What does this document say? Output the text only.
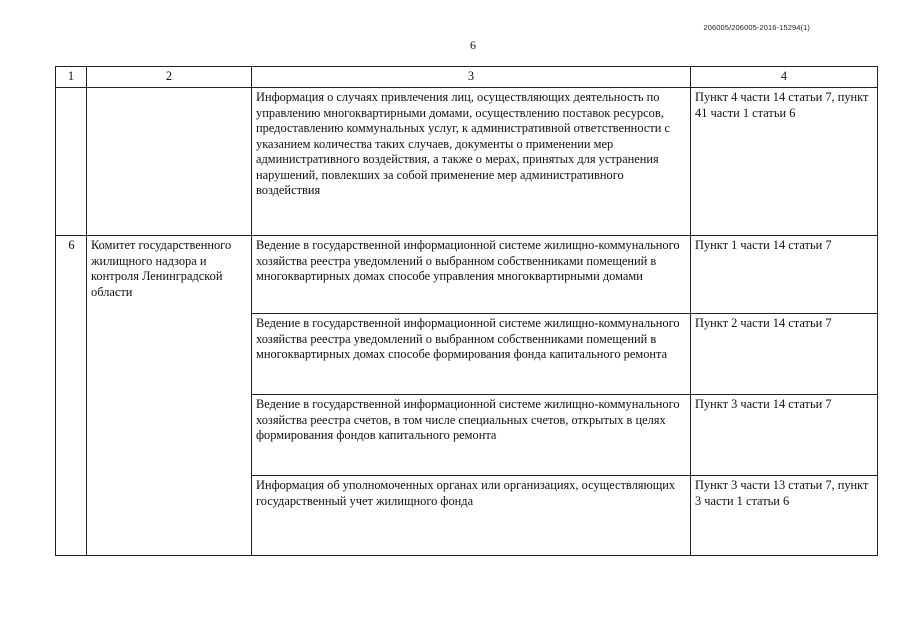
206005/206005-2016-15294(1)
6
1	2	3	4
		Информация о случаях привлечения лиц, осуществляющих деятельность по управлению многоквартирными домами, осуществлению поставок ресурсов, предоставлению коммунальных услуг, к административной ответственности с указанием количества таких случаев, документы о применении мер административного воздействия, а также о мерах, принятых для устранения нарушений, повлекших за собой применение мер административного воздействия	Пункт 4 части 14 статьи 7, пункт 41 части 1 статьи 6
6	Комитет государственного жилищного надзора и контроля Ленинградской области	Ведение в государственной информационной системе жилищно-коммунального хозяйства реестра уведомлений о выбранном собственниками помещений в многоквартирных домах способе управления многоквартирными домами	Пункт 1 части 14 статьи 7
		Ведение в государственной информационной системе жилищно-коммунального хозяйства реестра уведомлений о выбранном собственниками помещений в многоквартирных домах способе формирования фонда капитального ремонта	Пункт 2 части 14 статьи 7
		Ведение в государственной информационной системе жилищно-коммунального хозяйства реестра счетов, в том числе специальных счетов, открытых в целях формирования фондов капитального ремонта	Пункт 3 части 14 статьи 7
		Информация об уполномоченных органах или организациях, осуществляющих государственный учет жилищного фонда	Пункт 3 части 13 статьи 7, пункт 3 части 1 статьи 6
